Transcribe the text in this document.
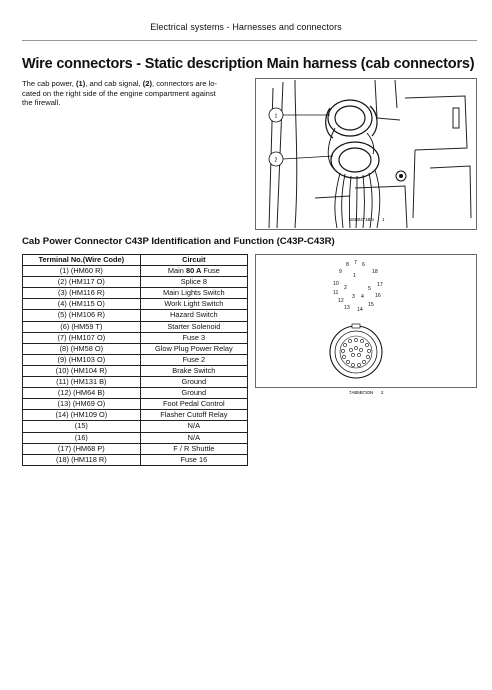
Electrical systems - Harnesses and connectors
Wire connectors - Static description Main harness (cab connectors)
The cab power, (1), and cab signal, (2), connectors are lo-
cated on the right side of the engine compartment against
the firewall.
1
2
BSB0471BN 1
Cab Power Connector C43P Identification and Function (C43P-C43R)
Terminal No.(Wire Code)	Circuit
(1) (HM60 R)	Main 80 A Fuse
(2) (HM117 O)	Splice 8
(3) (HM116 R)	Main Lights Switch
(4) (HM115 O)	Work Light Switch
(5) (HM106 R)	Hazard Switch
(6) (HM59 T)	Starter Solenoid
(7) (HM107 O)	Fuse 3
(8) (HM58 O)	Glow Plug Power Relay
(9) (HM103 O)	Fuse 2
(10) (HM104 R)	Brake Switch
(11) (HM131 B)	Ground
(12) (HM64 B)	Ground
(13) (HM69 O)	Foot Pedal Control
(14) (HM109 O)	Flasher Cutoff Relay
(15)	N/A
(16)	N/A
(17) (HM68 P)	F / R Shuttle
(18) (HM118 R)	Fuse 16
7
8	6
9	18
1
10	17
2	5
11	16
3 4
12
15
13 14
7AB5B720N 2
